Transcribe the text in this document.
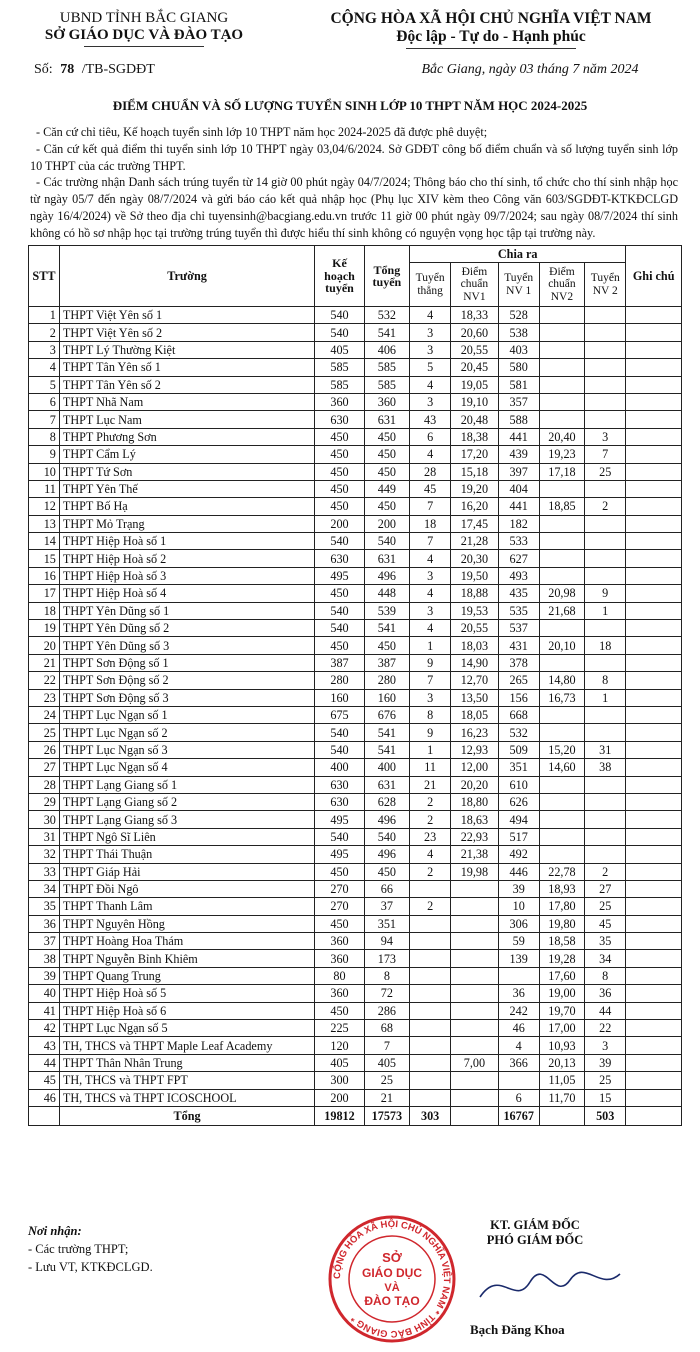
UBND TỈNH BẮC GIANG
SỞ GIÁO DỤC VÀ ĐÀO TẠO
CỘNG HÒA XÃ HỘI CHỦ NGHĨA VIỆT NAM
Độc lập - Tự do - Hạnh phúc
Số: 78 /TB-SGDĐT	Bắc Giang, ngày 03 tháng 7 năm 2024
ĐIỂM CHUẨN VÀ SỐ LƯỢNG TUYỂN SINH LỚP 10 THPT NĂM HỌC 2024-2025

- Căn cứ chỉ tiêu, Kế hoạch tuyển sinh lớp 10 THPT năm học 2024-2025 đã được phê duyệt;

- Căn cứ kết quả điểm thi tuyển sinh lớp 10 THPT ngày 03,04/6/2024. Sở GDĐT công bố điểm chuẩn và số lượng tuyển sinh lớp 10 THPT của các trường THPT.

- Các trường nhận Danh sách trúng tuyển từ 14 giờ 00 phút ngày 04/7/2024; Thông báo cho thí sinh, tổ chức cho thí sinh nhập học từ ngày 05/7 đến ngày 08/7/2024 và gửi báo cáo kết quả nhập học (Phụ lục XIV kèm theo Công văn 603/SGDĐT-KTKĐCLGD ngày 16/4/2024) về Sở theo địa chỉ tuyensinh@bacgiang.edu.vn trước 11 giờ 00 phút ngày 09/7/2024; sau ngày 08/7/2024 thí sinh không có hồ sơ nhập học tại trường trúng tuyển thì được hiểu thí sinh không có nguyện vọng học tập tại trường này.

STT	Trường	Kế hoạch tuyển	Tổng tuyển	Chia ra					Ghi chú
				Tuyển thẳng	Điểm chuẩn NV1	Tuyển NV 1	Điểm chuẩn NV2	Tuyển NV 2	
1	THPT Việt Yên số 1	540	532	4	18,33	528			
2	THPT Việt Yên số 2	540	541	3	20,60	538			
3	THPT Lý Thường Kiệt	405	406	3	20,55	403			
4	THPT Tân Yên số 1	585	585	5	20,45	580			
5	THPT Tân Yên số 2	585	585	4	19,05	581			
6	THPT Nhã Nam	360	360	3	19,10	357			
7	THPT Lục Nam	630	631	43	20,48	588			
8	THPT Phương Sơn	450	450	6	18,38	441	20,40	3	
9	THPT Cẩm Lý	450	450	4	17,20	439	19,23	7	
10	THPT Tứ Sơn	450	450	28	15,18	397	17,18	25	
11	THPT Yên Thế	450	449	45	19,20	404			
12	THPT Bố Hạ	450	450	7	16,20	441	18,85	2	
13	THPT Mỏ Trạng	200	200	18	17,45	182			
14	THPT Hiệp Hoà số 1	540	540	7	21,28	533			
15	THPT Hiệp Hoà số 2	630	631	4	20,30	627			
16	THPT Hiệp Hoà số 3	495	496	3	19,50	493			
17	THPT Hiệp Hoà số 4	450	448	4	18,88	435	20,98	9	
18	THPT Yên Dũng số 1	540	539	3	19,53	535	21,68	1	
19	THPT Yên Dũng số 2	540	541	4	20,55	537			
20	THPT Yên Dũng số 3	450	450	1	18,03	431	20,10	18	
21	THPT Sơn Động số 1	387	387	9	14,90	378			
22	THPT Sơn Động số 2	280	280	7	12,70	265	14,80	8	
23	THPT Sơn Động số 3	160	160	3	13,50	156	16,73	1	
24	THPT Lục Ngạn số 1	675	676	8	18,05	668			
25	THPT Lục Ngạn số 2	540	541	9	16,23	532			
26	THPT Lục Ngạn số 3	540	541	1	12,93	509	15,20	31	
27	THPT Lục Ngạn số 4	400	400	11	12,00	351	14,60	38	
28	THPT Lạng Giang số 1	630	631	21	20,20	610			
29	THPT Lạng Giang số 2	630	628	2	18,80	626			
30	THPT Lạng Giang số 3	495	496	2	18,63	494			
31	THPT Ngô Sĩ Liên	540	540	23	22,93	517			
32	THPT Thái Thuận	495	496	4	21,38	492			
33	THPT Giáp Hải	450	450	2	19,98	446	22,78	2	
34	THPT Đồi Ngô	270	66			39	18,93	27	
35	THPT Thanh Lâm	270	37	2		10	17,80	25	
36	THPT Nguyên Hồng	450	351			306	19,80	45	
37	THPT Hoàng Hoa Thám	360	94			59	18,58	35	
38	THPT Nguyễn Bỉnh Khiêm	360	173			139	19,28	34	
39	THPT Quang Trung	80	8				17,60	8	
40	THPT Hiệp Hoà số 5	360	72			36	19,00	36	
41	THPT Hiệp Hoà số 6	450	286			242	19,70	44	
42	THPT Lục Ngạn số 5	225	68			46	17,00	22	
43	TH, THCS và THPT Maple Leaf Academy	120	7			4	10,93	3	
44	THPT Thân Nhân Trung	405	405		7,00	366	20,13	39	
45	TH, THCS và THPT FPT	300	25				11,05	25	
46	TH, THCS và THPT ICOSCHOOL	200	21			6	11,70	15	
	Tổng	19812	17573	303		16767		503	
Nơi nhận:
- Các trường THPT;
- Lưu VT, KTKĐCLGD.
CỘNG HÒA XÃ HỘI CHỦ NGHĨA VIỆT NAM * TỈNH BẮC GIANG *
SỞ
GIÁO DỤC
VÀ
ĐÀO TẠO
KT. GIÁM ĐỐC
PHÓ GIÁM ĐỐC
Bạch Đăng Khoa
